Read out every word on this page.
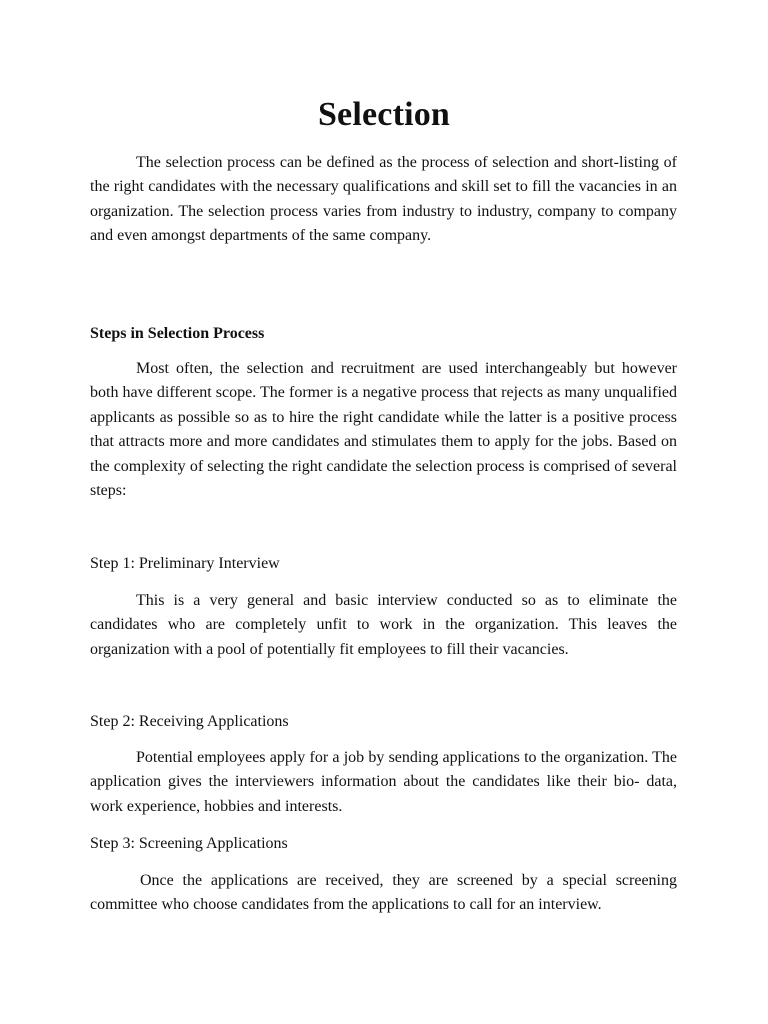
Selection

The selection process can be defined as the process of selection and short-listing of the right candidates with the necessary qualifications and skill set to fill the vacancies in an organization. The selection process varies from industry to industry, company to company and even amongst departments of the same company.

Steps in Selection Process

Most often, the selection and recruitment are used interchangeably but however both have different scope. The former is a negative process that rejects as many unqualified applicants as possible so as to hire the right candidate while the latter is a positive process that attracts more and more candidates and stimulates them to apply for the jobs. Based on the complexity of selecting the right candidate the selection process is comprised of several steps:

Step 1: Preliminary Interview

This is a very general and basic interview conducted so as to eliminate the candidates who are completely unfit to work in the organization. This leaves the organization with a pool of potentially fit employees to fill their vacancies.

Step 2: Receiving Applications

Potential employees apply for a job by sending applications to the organization. The application gives the interviewers information about the candidates like their bio- data, work experience, hobbies and interests.

Step 3: Screening Applications

Once the applications are received, they are screened by a special screening committee who choose candidates from the applications to call for an interview.
